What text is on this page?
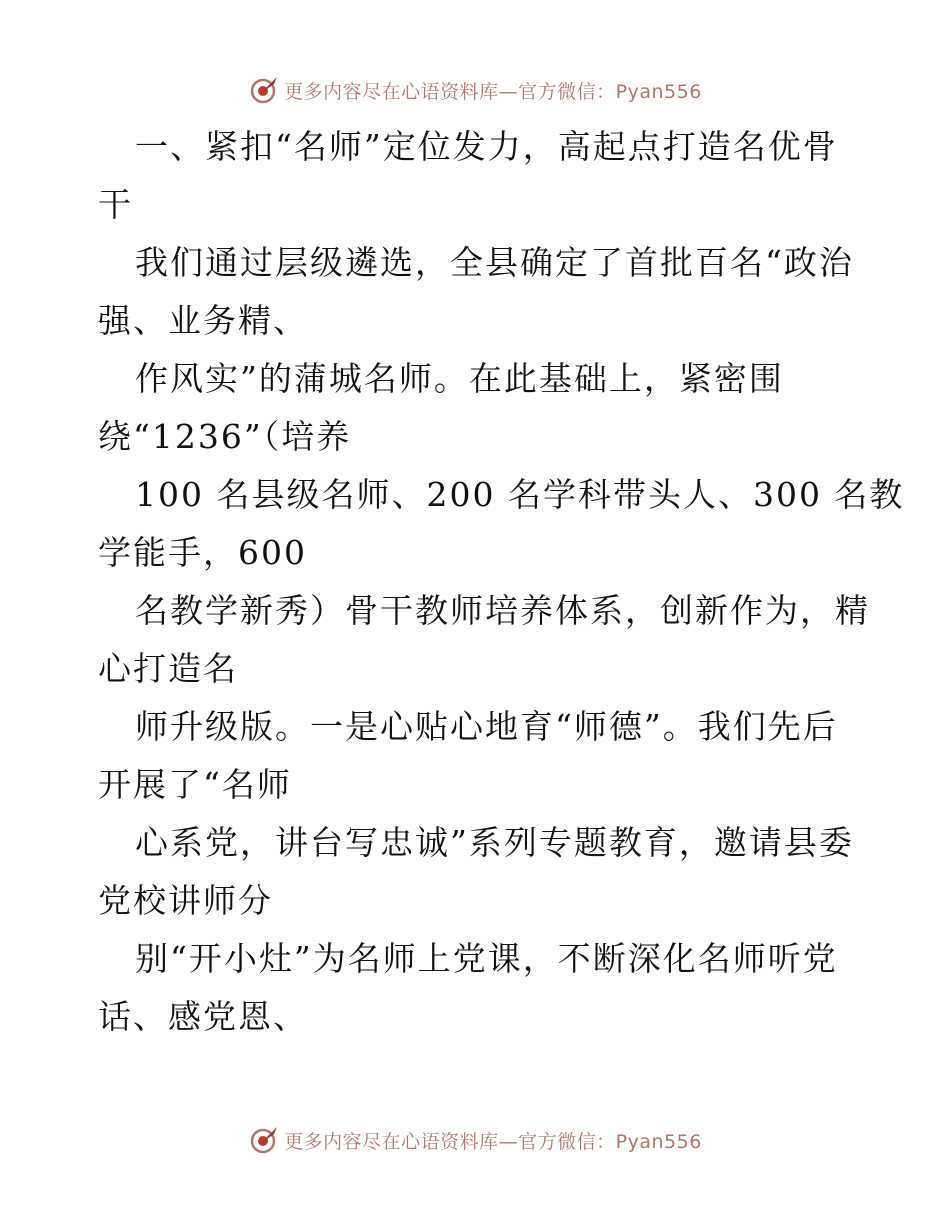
更多内容尽在心语资料库—官方微信：Pyan556
一、紧扣“名师”定位发力，高起点打造名优骨
干
我们通过层级遴选，全县确定了首批百名“政治
强、业务精、
作风实”的蒲城名师。在此基础上，紧密围
绕“1236”（培养
100 名县级名师、200 名学科带头人、300 名教
学能手，600
名教学新秀）骨干教师培养体系，创新作为，精
心打造名
师升级版。一是心贴心地育“师德”。我们先后
开展了“名师
心系党，讲台写忠诚”系列专题教育，邀请县委
党校讲师分
别“开小灶”为名师上党课，不断深化名师听党
话、感党恩、
更多内容尽在心语资料库—官方微信：Pyan556
